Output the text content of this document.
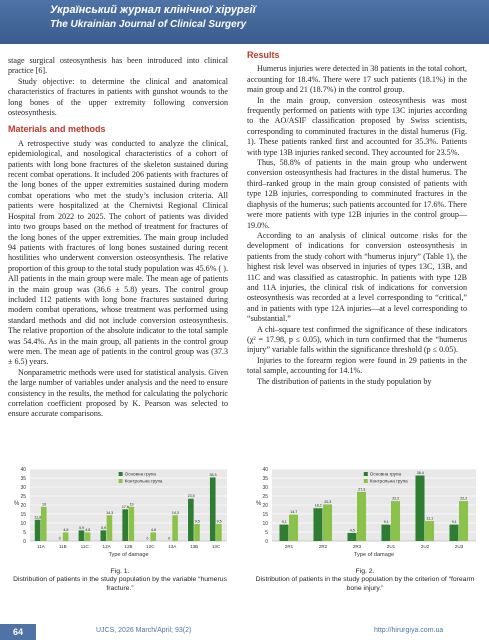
Український журнал клінічної хірургії
The Ukrainian Journal of Clinical Surgery

stage surgical osteosynthesis has been introduced into clinical practice [6].

Study objective: to determine the clinical and anatomical characteristics of fractures in patients with gunshot wounds to the long bones of the upper extremity following conversion osteosynthesis.

Materials and methods

A retrospective study was conducted to analyze the clinical, epidemiological, and nosological characteristics of a cohort of patients with long bone fractures of the skeleton sustained during recent combat operations. It included 206 patients with fractures of the long bones of the upper extremities sustained during modern combat operations who met the study’s inclusion criteria. All patients were hospitalized at the Chernivtsi Regional Clinical Hospital from 2022 to 2025. The cohort of patients was divided into two groups based on the method of treatment for fractures of the long bones of the upper extremities. The main group included 94 patients with fractures of long bones sustained during recent hostilities who underwent conversion osteosynthesis. The relative proportion of this group to the total study population was 45.6% ( ). All patients in the main group were male. The mean age of patients in the main group was (36.6 ± 5.8) years. The control group included 112 patients with long bone fractures sustained during modern combat operations, whose treatment was performed using standard methods and did not include conversion osteosynthesis. The relative proportion of the absolute indicator to the total sample was 54.4%. As in the main group, all patients in the control group were men. The mean age of patients in the control group was (37.3 ± 6.5) years.

Nonparametric methods were used for statistical analysis. Given the large number of variables under analysis and the need to ensure consistency in the results, the method for calculating the polychoric correlation coefficient proposed by K. Pearson was selected to ensure accurate comparisons.

Results

Humerus injuries were detected in 38 patients in the total cohort, accounting for 18.4%. There were 17 such patients (18.1%) in the main group and 21 (18.7%) in the control group.

In the main group, conversion osteosynthesis was most frequently performed on patients with type 13C injuries according to the AO/ASIF classification proposed by Swiss scientists, corresponding to comminuted fractures in the distal humerus (Fig. 1). These patients ranked first and accounted for 35.3%. Patients with type 13B injuries ranked second. They accounted for 23.5%.

Thus, 58.8% of patients in the main group who underwent conversion osteosynthesis had fractures in the distal humerus. The third–ranked group in the main group consisted of patients with type 12B injuries, corresponding to comminuted fractures in the diaphysis of the humerus; such patients accounted for 17.6%. There were more patients with type 12B injuries in the control group—19.0%.

According to an analysis of clinical outcome risks for the development of indications for conversion osteosynthesis in patients from the study cohort with “humerus injury” (Table 1), the highest risk level was observed in injuries of types 13C, 13B, and 11C and was classified as catastrophic. In patients with type 12B and 11A injuries, the clinical risk of indications for conversion osteosynthesis was recorded at a level corresponding to “critical,” and in patients with type 12A injuries—at a level corresponding to “substantial.”

A chi–square test confirmed the significance of these indicators (χ² = 17.98, p ≤ 0.05), which in turn confirmed that the “humerus injury” variable falls within the significance threshold (p ≤ 0.05).

Injuries to the forearm region were found in 29 patients in the total sample, accounting for 14.1%.

The distribution of patients in the study population by

0
5
10
15
20
25
30
35
40
%
11,8
19
11A
0
4,8
11B
5,9 4,8
11C
5,9
14,3
12A
17,6
19
12B
0
4,8
12C
0
14,3
13A
23,5
9,5
13B
35,3
9,5
13C
Type of damage
Основна група
Контрольна група
0
5
10
15
20
25
30
35
40
%
9,1
14,7
2R1
18,2
20,3
2R2
4,5
27,3
2R3
9,1
22,2
2U1
36,4
11,1
2U2
9,1
22,2
2U3
Type of damage
Основна група
Контрольна група
Fig. 1.
Distribution of patients in the study population by the variable “humerus fracture.”
Fig. 2.
Distribution of patients in the study population by the criterion of “forearm bone injury.”
64	UJCS, 2026 March/April; 93(2)	http://hirurgiya.com.ua
